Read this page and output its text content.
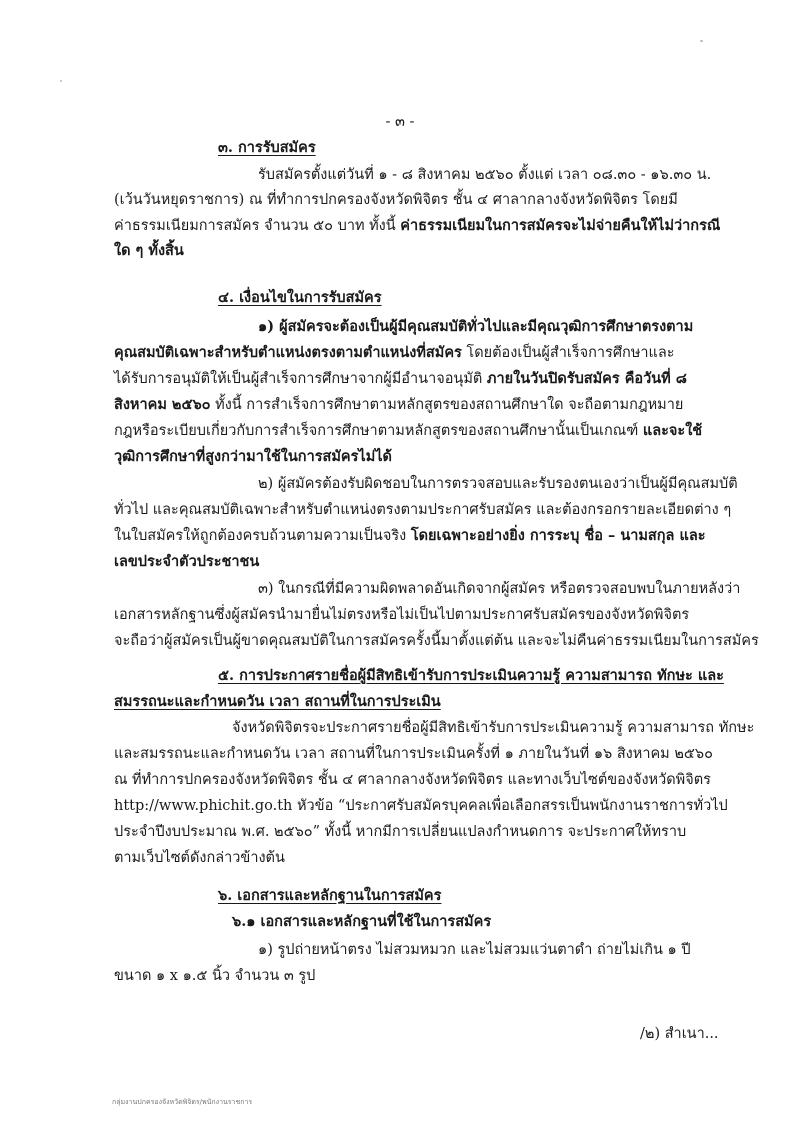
- ๓ -
๓. การรับสมัคร
รับสมัครตั้งแต่วันที่ ๑ - ๘ สิงหาคม ๒๕๖๐ ตั้งแต่ เวลา ๐๘.๓๐ - ๑๖.๓๐ น.
(เว้นวันหยุดราชการ) ณ ที่ทำการปกครองจังหวัดพิจิตร ชั้น ๔ ศาลากลางจังหวัดพิจิตร โดยมี
ค่าธรรมเนียมการสมัคร จำนวน ๕๐ บาท ทั้งนี้ ค่าธรรมเนียมในการสมัครจะไม่จ่ายคืนให้ไม่ว่ากรณี
ใด ๆ ทั้งสิ้น
๔. เงื่อนไขในการรับสมัคร
๑) ผู้สมัครจะต้องเป็นผู้มีคุณสมบัติทั่วไปและมีคุณวุฒิการศึกษาตรงตาม
คุณสมบัติเฉพาะสำหรับตำแหน่งตรงตามตำแหน่งที่สมัคร โดยต้องเป็นผู้สำเร็จการศึกษาและ
ได้รับการอนุมัติให้เป็นผู้สำเร็จการศึกษาจากผู้มีอำนาจอนุมัติ ภายในวันปิดรับสมัคร คือวันที่ ๘
สิงหาคม ๒๕๖๐ ทั้งนี้ การสำเร็จการศึกษาตามหลักสูตรของสถานศึกษาใด จะถือตามกฎหมาย
กฎหรือระเบียบเกี่ยวกับการสำเร็จการศึกษาตามหลักสูตรของสถานศึกษานั้นเป็นเกณฑ์ และจะใช้
วุฒิการศึกษาที่สูงกว่ามาใช้ในการสมัครไม่ได้
๒) ผู้สมัครต้องรับผิดชอบในการตรวจสอบและรับรองตนเองว่าเป็นผู้มีคุณสมบัติ
ทั่วไป และคุณสมบัติเฉพาะสำหรับตำแหน่งตรงตามประกาศรับสมัคร และต้องกรอกรายละเอียดต่าง ๆ
ในใบสมัครให้ถูกต้องครบถ้วนตามความเป็นจริง โดยเฉพาะอย่างยิ่ง การระบุ ชื่อ – นามสกุล และ
เลขประจำตัวประชาชน
๓) ในกรณีที่มีความผิดพลาดอันเกิดจากผู้สมัคร หรือตรวจสอบพบในภายหลังว่า
เอกสารหลักฐานซึ่งผู้สมัครนำมายื่นไม่ตรงหรือไม่เป็นไปตามประกาศรับสมัครของจังหวัดพิจิตร
จะถือว่าผู้สมัครเป็นผู้ขาดคุณสมบัติในการสมัครครั้งนี้มาตั้งแต่ต้น และจะไม่คืนค่าธรรมเนียมในการสมัคร
๕. การประกาศรายชื่อผู้มีสิทธิเข้ารับการประเมินความรู้ ความสามารถ ทักษะ และ
สมรรถนะและกำหนดวัน เวลา สถานที่ในการประเมิน
จังหวัดพิจิตรจะประกาศรายชื่อผู้มีสิทธิเข้ารับการประเมินความรู้ ความสามารถ ทักษะ
และสมรรถนะและกำหนดวัน เวลา สถานที่ในการประเมินครั้งที่ ๑ ภายในวันที่ ๑๖ สิงหาคม ๒๕๖๐
ณ ที่ทำการปกครองจังหวัดพิจิตร ชั้น ๔ ศาลากลางจังหวัดพิจิตร และทางเว็บไซต์ของจังหวัดพิจิตร
http://www.phichit.go.th หัวข้อ “ประกาศรับสมัครบุคคลเพื่อเลือกสรรเป็นพนักงานราชการทั่วไป
ประจำปีงบประมาณ พ.ศ. ๒๕๖๐” ทั้งนี้ หากมีการเปลี่ยนแปลงกำหนดการ จะประกาศให้ทราบ
ตามเว็บไซต์ดังกล่าวข้างต้น
๖. เอกสารและหลักฐานในการสมัคร
๖.๑ เอกสารและหลักฐานที่ใช้ในการสมัคร
๑) รูปถ่ายหน้าตรง ไม่สวมหมวก และไม่สวมแว่นตาดำ ถ่ายไม่เกิน ๑ ปี
ขนาด ๑ x ๑.๕ นิ้ว จำนวน ๓ รูป
/๒) สำเนา...
กลุ่มงานปกครองจังหวัดพิจิตร/พนักงานราชการ
